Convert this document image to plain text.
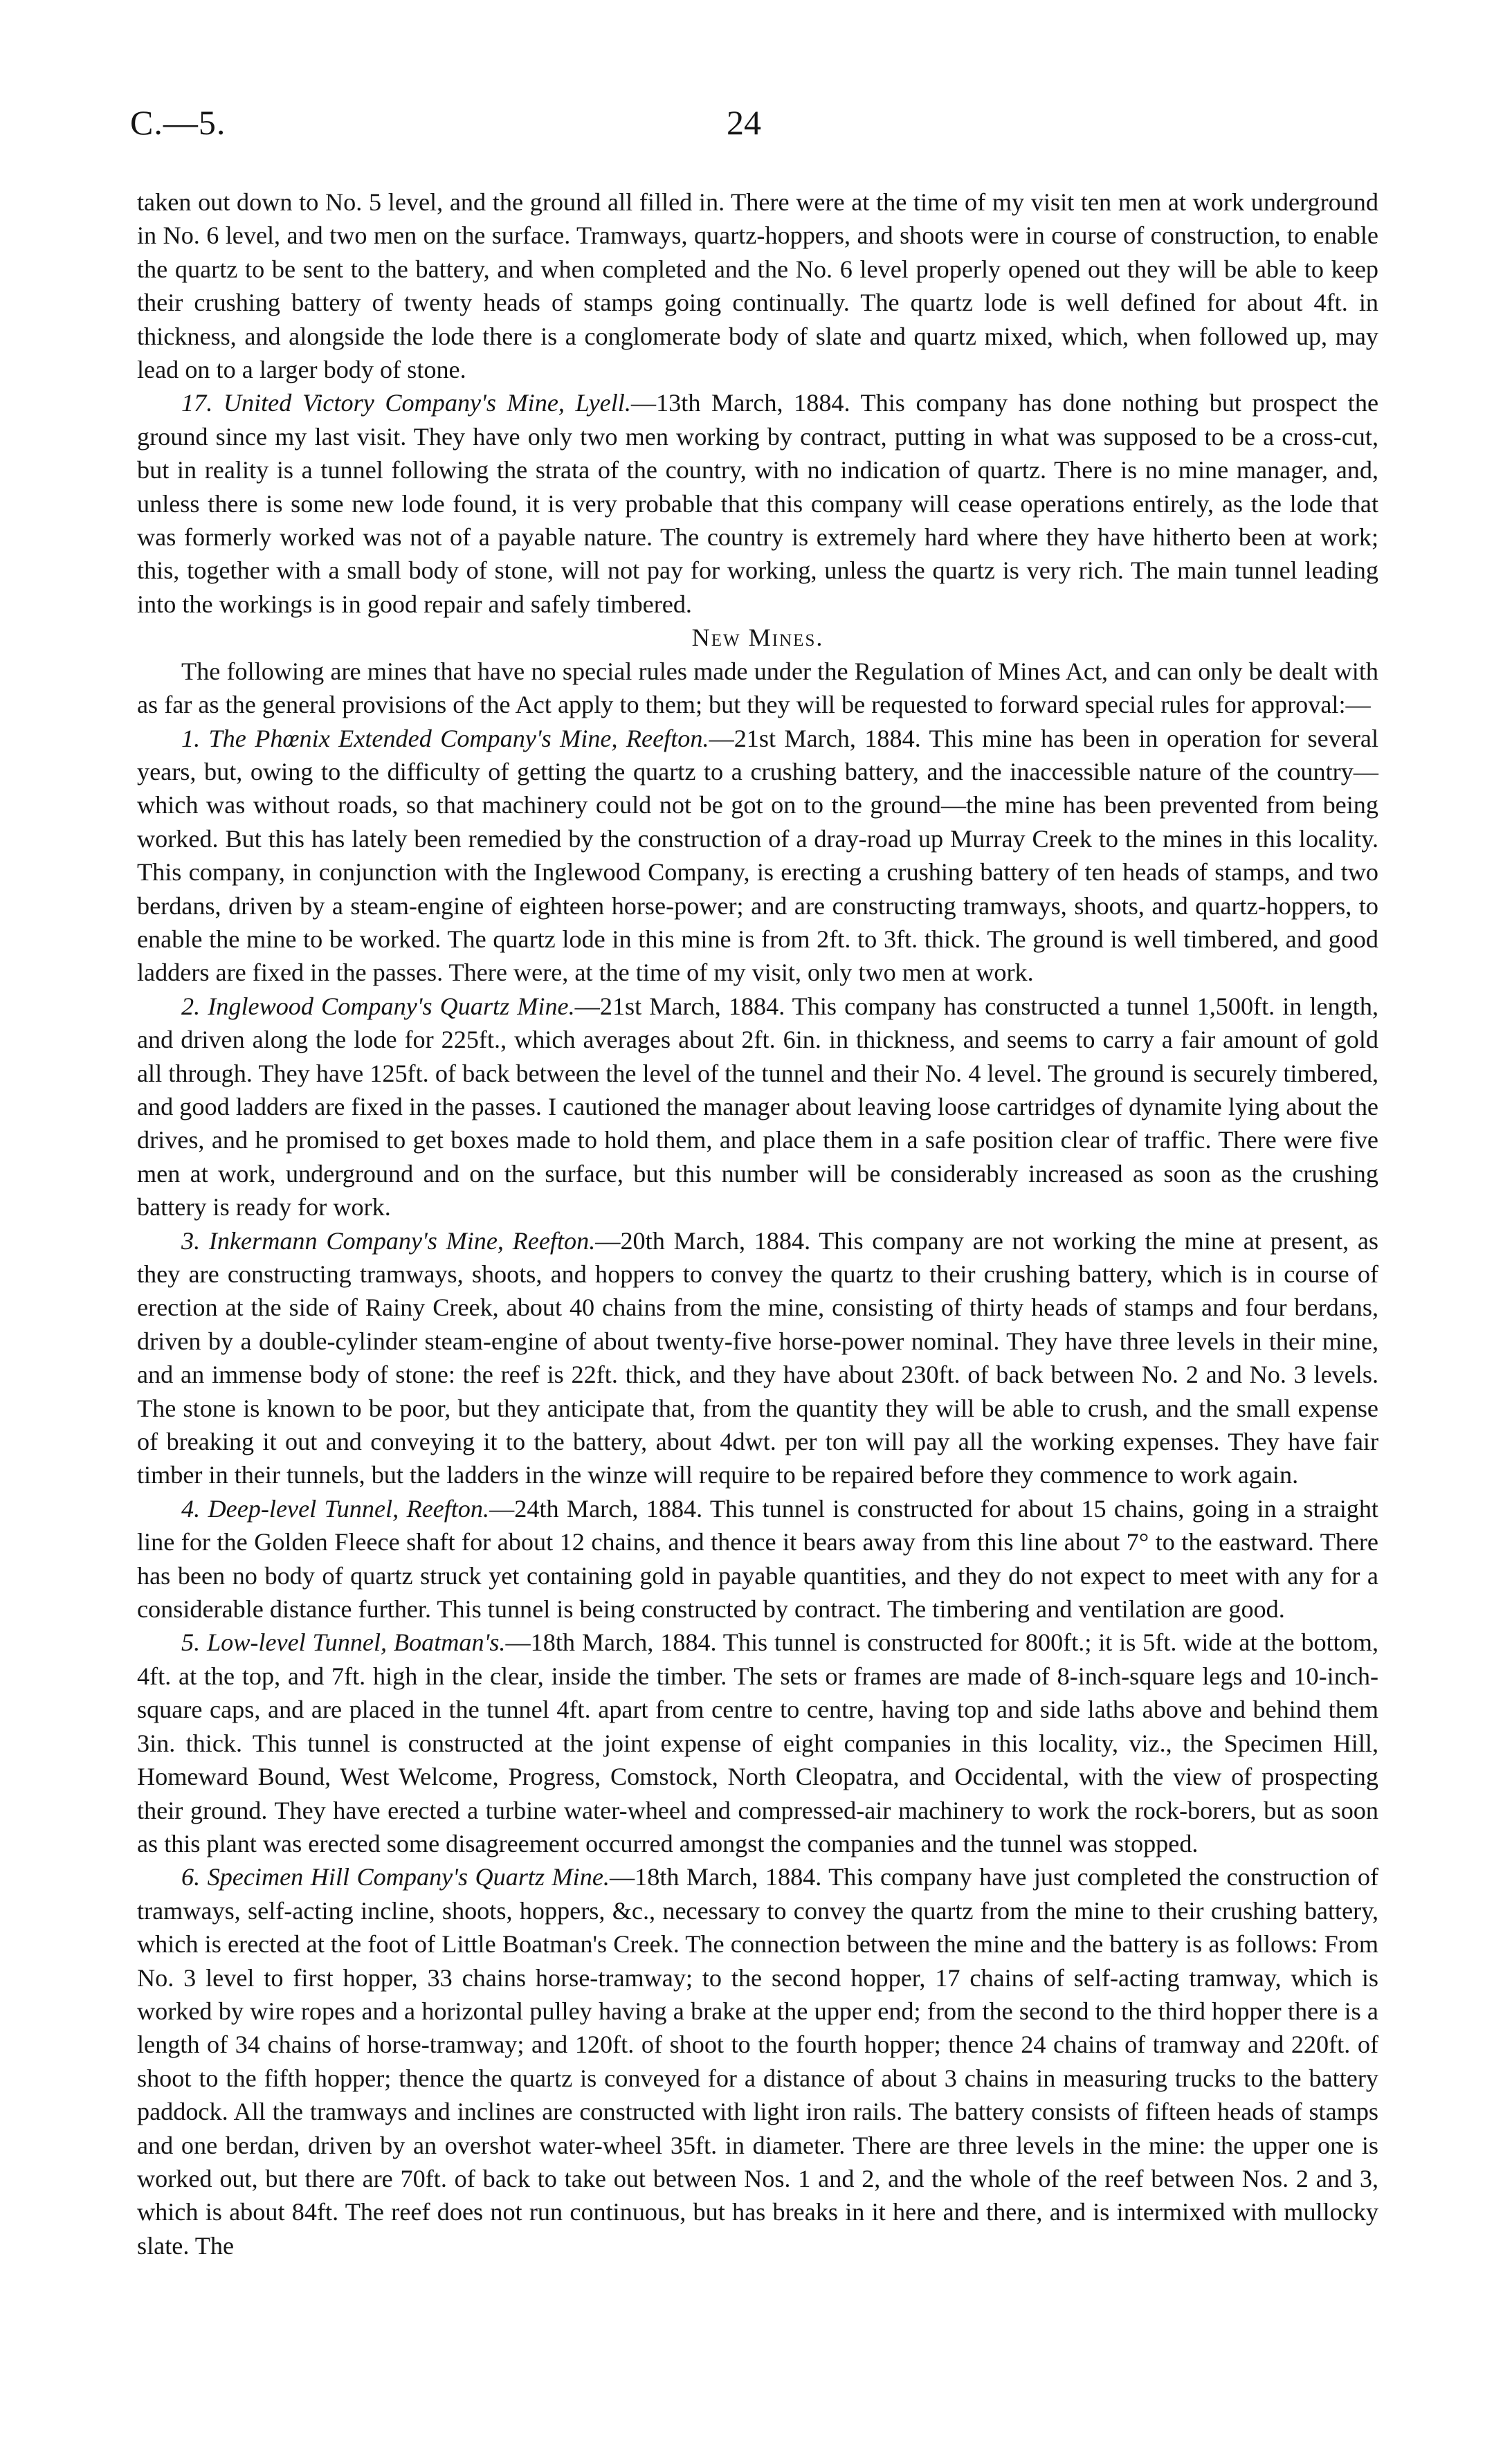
C.—5.	24

taken out down to No. 5 level, and the ground all filled in. There were at the time of my visit ten men at work underground in No. 6 level, and two men on the surface. Tramways, quartz-hoppers, and shoots were in course of construction, to enable the quartz to be sent to the battery, and when completed and the No. 6 level properly opened out they will be able to keep their crushing battery of twenty heads of stamps going continually. The quartz lode is well defined for about 4ft. in thickness, and alongside the lode there is a conglomerate body of slate and quartz mixed, which, when followed up, may lead on to a larger body of stone.

17. United Victory Company's Mine, Lyell.—13th March, 1884. This company has done nothing but prospect the ground since my last visit. They have only two men working by contract, putting in what was supposed to be a cross-cut, but in reality is a tunnel following the strata of the country, with no indication of quartz. There is no mine manager, and, unless there is some new lode found, it is very probable that this company will cease operations entirely, as the lode that was formerly worked was not of a payable nature. The country is extremely hard where they have hitherto been at work; this, together with a small body of stone, will not pay for working, unless the quartz is very rich. The main tunnel leading into the workings is in good repair and safely timbered.

New Mines.

The following are mines that have no special rules made under the Regulation of Mines Act, and can only be dealt with as far as the general provisions of the Act apply to them; but they will be requested to forward special rules for approval:—

1. The Phœnix Extended Company's Mine, Reefton.—21st March, 1884. This mine has been in operation for several years, but, owing to the difficulty of getting the quartz to a crushing battery, and the inaccessible nature of the country—which was without roads, so that machinery could not be got on to the ground—the mine has been prevented from being worked. But this has lately been remedied by the construction of a dray-road up Murray Creek to the mines in this locality. This company, in conjunction with the Inglewood Company, is erecting a crushing battery of ten heads of stamps, and two berdans, driven by a steam-engine of eighteen horse-power; and are constructing tramways, shoots, and quartz-hoppers, to enable the mine to be worked. The quartz lode in this mine is from 2ft. to 3ft. thick. The ground is well timbered, and good ladders are fixed in the passes. There were, at the time of my visit, only two men at work.

2. Inglewood Company's Quartz Mine.—21st March, 1884. This company has constructed a tunnel 1,500ft. in length, and driven along the lode for 225ft., which averages about 2ft. 6in. in thickness, and seems to carry a fair amount of gold all through. They have 125ft. of back between the level of the tunnel and their No. 4 level. The ground is securely timbered, and good ladders are fixed in the passes. I cautioned the manager about leaving loose cartridges of dynamite lying about the drives, and he promised to get boxes made to hold them, and place them in a safe position clear of traffic. There were five men at work, underground and on the surface, but this number will be considerably increased as soon as the crushing battery is ready for work.

3. Inkermann Company's Mine, Reefton.—20th March, 1884. This company are not working the mine at present, as they are constructing tramways, shoots, and hoppers to convey the quartz to their crushing battery, which is in course of erection at the side of Rainy Creek, about 40 chains from the mine, consisting of thirty heads of stamps and four berdans, driven by a double-cylinder steam-engine of about twenty-five horse-power nominal. They have three levels in their mine, and an immense body of stone: the reef is 22ft. thick, and they have about 230ft. of back between No. 2 and No. 3 levels. The stone is known to be poor, but they anticipate that, from the quantity they will be able to crush, and the small expense of breaking it out and conveying it to the battery, about 4dwt. per ton will pay all the working expenses. They have fair timber in their tunnels, but the ladders in the winze will require to be repaired before they commence to work again.

4. Deep-level Tunnel, Reefton.—24th March, 1884. This tunnel is constructed for about 15 chains, going in a straight line for the Golden Fleece shaft for about 12 chains, and thence it bears away from this line about 7° to the eastward. There has been no body of quartz struck yet containing gold in payable quantities, and they do not expect to meet with any for a considerable distance further. This tunnel is being constructed by contract. The timbering and ventilation are good.

5. Low-level Tunnel, Boatman's.—18th March, 1884. This tunnel is constructed for 800ft.; it is 5ft. wide at the bottom, 4ft. at the top, and 7ft. high in the clear, inside the timber. The sets or frames are made of 8-inch-square legs and 10-inch-square caps, and are placed in the tunnel 4ft. apart from centre to centre, having top and side laths above and behind them 3in. thick. This tunnel is constructed at the joint expense of eight companies in this locality, viz., the Specimen Hill, Homeward Bound, West Welcome, Progress, Comstock, North Cleopatra, and Occidental, with the view of prospecting their ground. They have erected a turbine water-wheel and compressed-air machinery to work the rock-borers, but as soon as this plant was erected some disagreement occurred amongst the companies and the tunnel was stopped.

6. Specimen Hill Company's Quartz Mine.—18th March, 1884. This company have just completed the construction of tramways, self-acting incline, shoots, hoppers, &c., necessary to convey the quartz from the mine to their crushing battery, which is erected at the foot of Little Boatman's Creek. The connection between the mine and the battery is as follows: From No. 3 level to first hopper, 33 chains horse-tramway; to the second hopper, 17 chains of self-acting tramway, which is worked by wire ropes and a horizontal pulley having a brake at the upper end; from the second to the third hopper there is a length of 34 chains of horse-tramway; and 120ft. of shoot to the fourth hopper; thence 24 chains of tramway and 220ft. of shoot to the fifth hopper; thence the quartz is conveyed for a distance of about 3 chains in measuring trucks to the battery paddock. All the tramways and inclines are constructed with light iron rails. The battery consists of fifteen heads of stamps and one berdan, driven by an overshot water-wheel 35ft. in diameter. There are three levels in the mine: the upper one is worked out, but there are 70ft. of back to take out between Nos. 1 and 2, and the whole of the reef between Nos. 2 and 3, which is about 84ft. The reef does not run continuous, but has breaks in it here and there, and is intermixed with mullocky slate. The
